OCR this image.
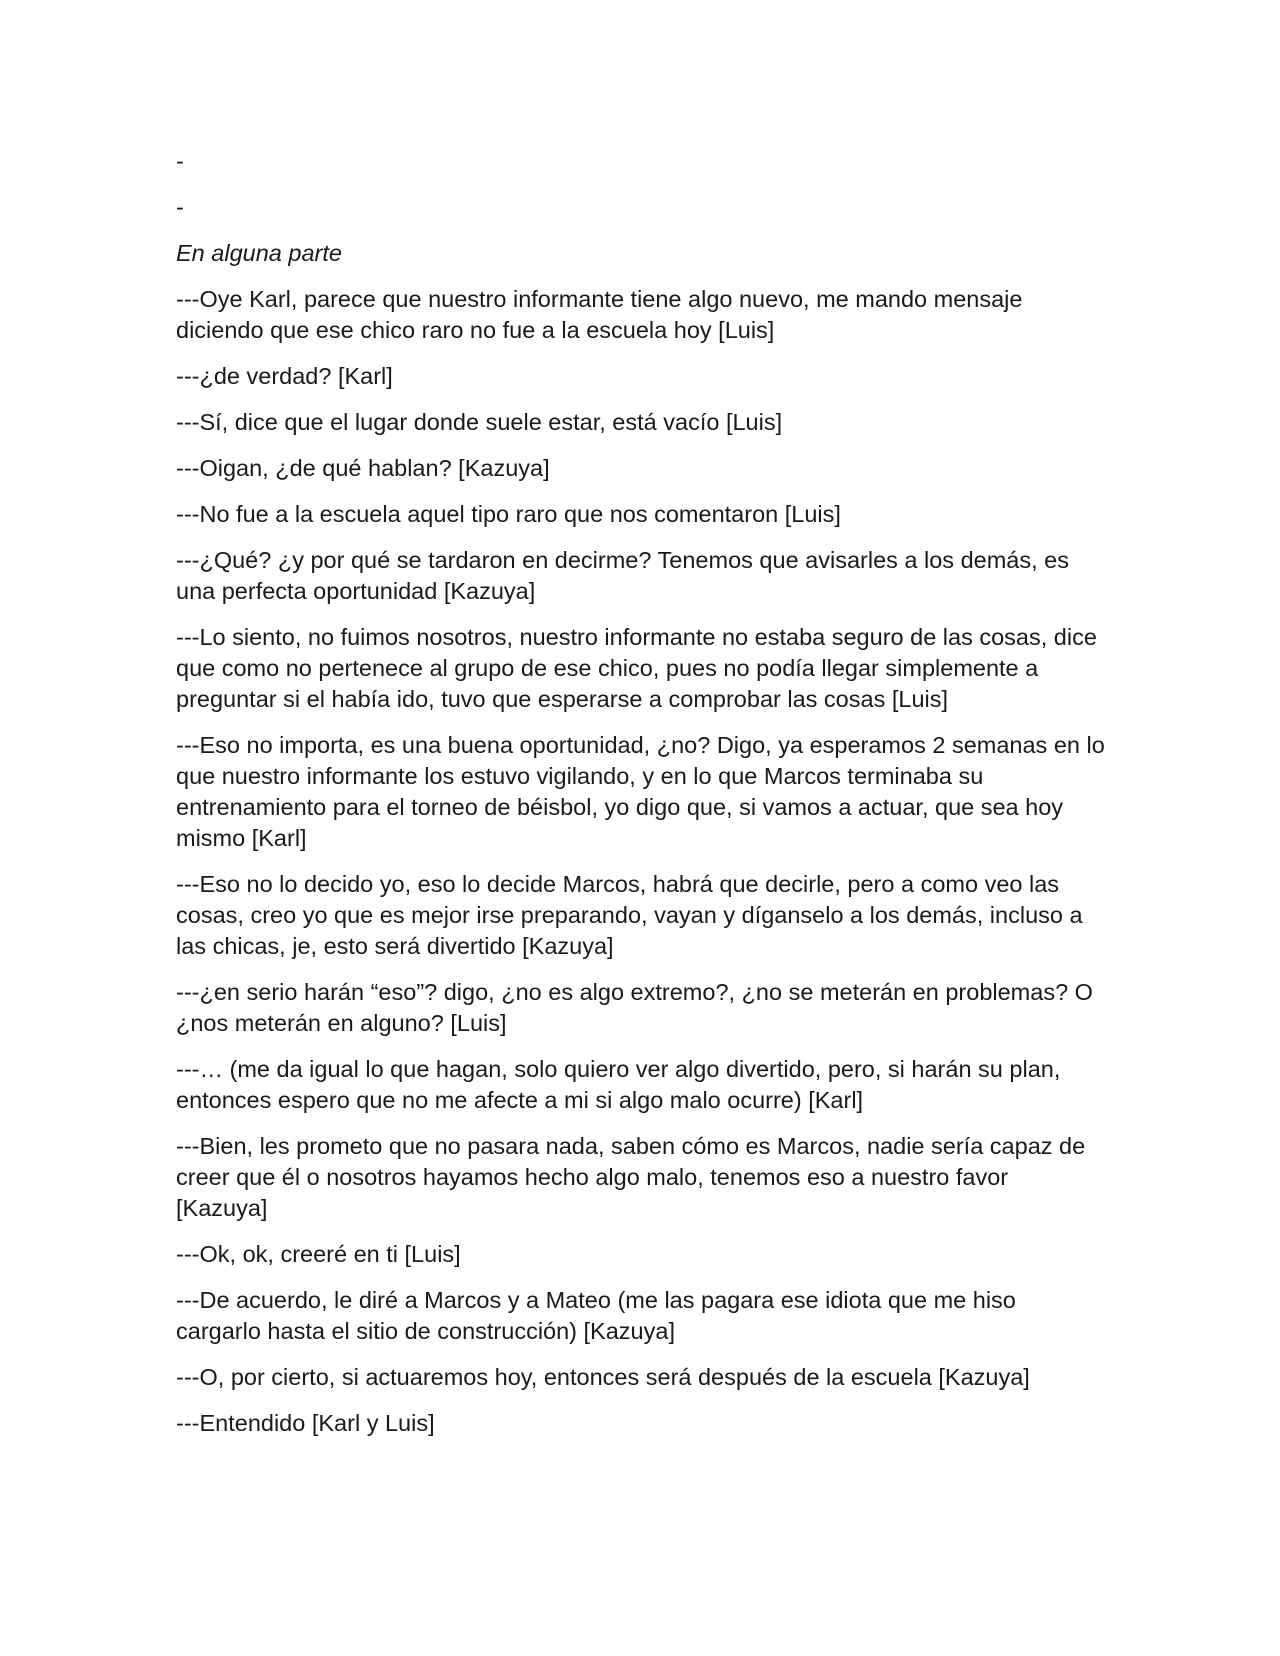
-

-

En alguna parte

---Oye Karl, parece que nuestro informante tiene algo nuevo, me mando mensaje diciendo que ese chico raro no fue a la escuela hoy [Luis]

---¿de verdad? [Karl]

---Sí, dice que el lugar donde suele estar, está vacío [Luis]

---Oigan, ¿de qué hablan? [Kazuya]

---No fue a la escuela aquel tipo raro que nos comentaron [Luis]

---¿Qué? ¿y por qué se tardaron en decirme? Tenemos que avisarles a los demás, es una perfecta oportunidad [Kazuya]

---Lo siento, no fuimos nosotros, nuestro informante no estaba seguro de las cosas, dice que como no pertenece al grupo de ese chico, pues no podía llegar simplemente a preguntar si el había ido, tuvo que esperarse a comprobar las cosas [Luis]

---Eso no importa, es una buena oportunidad, ¿no? Digo, ya esperamos 2 semanas en lo que nuestro informante los estuvo vigilando, y en lo que Marcos terminaba su entrenamiento para el torneo de béisbol, yo digo que, si vamos a actuar, que sea hoy mismo [Karl]

---Eso no lo decido yo, eso lo decide Marcos, habrá que decirle, pero a como veo las cosas, creo yo que es mejor irse preparando, vayan y díganselo a los demás, incluso a las chicas, je, esto será divertido [Kazuya]

---¿en serio harán “eso”? digo, ¿no es algo extremo?, ¿no se meterán en problemas? O ¿nos meterán en alguno? [Luis]

---… (me da igual lo que hagan, solo quiero ver algo divertido, pero, si harán su plan, entonces espero que no me afecte a mi si algo malo ocurre) [Karl]

---Bien, les prometo que no pasara nada, saben cómo es Marcos, nadie sería capaz de creer que él o nosotros hayamos hecho algo malo, tenemos eso a nuestro favor [Kazuya]

---Ok, ok, creeré en ti [Luis]

---De acuerdo, le diré a Marcos y a Mateo (me las pagara ese idiota que me hiso cargarlo hasta el sitio de construcción) [Kazuya]

---O, por cierto, si actuaremos hoy, entonces será después de la escuela [Kazuya]

---Entendido [Karl y Luis]
